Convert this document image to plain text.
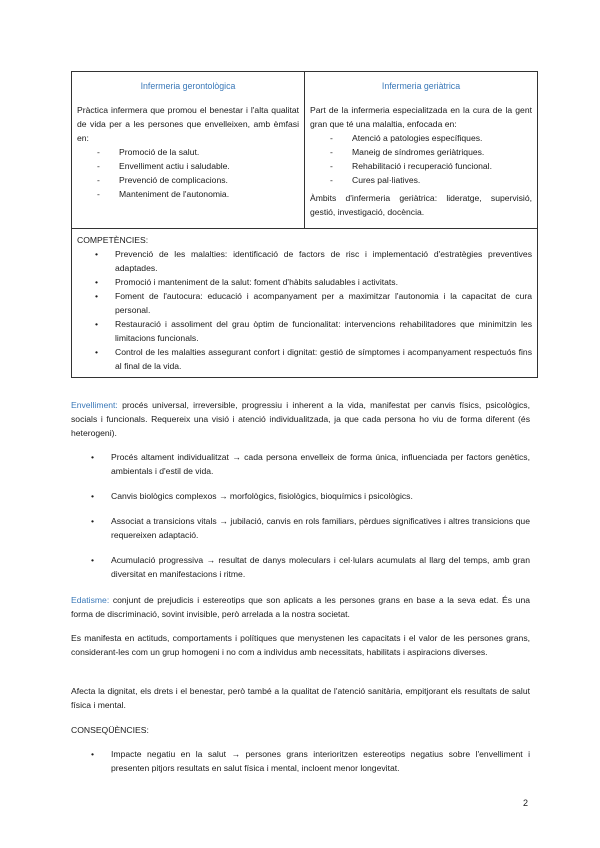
Infermeria gerontològica

Pràctica infermera que promou el benestar i l'alta qualitat de vida per a les persones que envelleixen, amb èmfasi en:

- Promoció de la salut.
- Envelliment actiu i saludable.
- Prevenció de complicacions.
- Manteniment de l'autonomia.

Infermeria geriàtrica

Part de la infermeria especialitzada en la cura de la gent gran que té una malaltia, enfocada en:

- Atenció a patologies específiques.
- Maneig de síndromes geriàtriques.
- Rehabilitació i recuperació funcional.
- Cures pal·liatives.

Àmbits d'infermeria geriàtrica: lideratge, supervisió, gestió, investigació, docència.

COMPETÈNCIES:

• Prevenció de les malalties: identificació de factors de risc i implementació d'estratègies preventives adaptades.
• Promoció i manteniment de la salut: foment d'hàbits saludables i activitats.
• Foment de l'autocura: educació i acompanyament per a maximitzar l'autonomia i la capacitat de cura personal.
• Restauració i assoliment del grau òptim de funcionalitat: intervencions rehabilitadores que minimitzin les limitacions funcionals.
• Control de les malalties assegurant confort i dignitat: gestió de símptomes i acompanyament respectuós fins al final de la vida.

Envelliment: procés universal, irreversible, progressiu i inherent a la vida, manifestat per canvis físics, psicològics, socials i funcionals. Requereix una visió i atenció individualitzada, ja que cada persona ho viu de forma diferent (és heterogeni).

• Procés altament individualitzat → cada persona envelleix de forma única, influenciada per factors genètics, ambientals i d'estil de vida.
• Canvis biològics complexos → morfològics, fisiològics, bioquímics i psicològics.
• Associat a transicions vitals → jubilació, canvis en rols familiars, pèrdues significatives i altres transicions que requereixen adaptació.
• Acumulació progressiva → resultat de danys moleculars i cel·lulars acumulats al llarg del temps, amb gran diversitat en manifestacions i ritme.

Edatisme: conjunt de prejudicis i estereotips que son aplicats a les persones grans en base a la seva edat. És una forma de discriminació, sovint invisible, però arrelada a la nostra societat.

Es manifesta en actituds, comportaments i polítiques que menystenen les capacitats i el valor de les persones grans, considerant-les com un grup homogeni i no com a individus amb necessitats, habilitats i aspiracions diverses.

Afecta la dignitat, els drets i el benestar, però també a la qualitat de l'atenció sanitària, empitjorant els resultats de salut física i mental.

CONSEQÜÈNCIES:

• Impacte negatiu en la salut → persones grans interioritzen estereotips negatius sobre l'envelliment i presenten pitjors resultats en salut física i mental, incloent menor longevitat.
2
